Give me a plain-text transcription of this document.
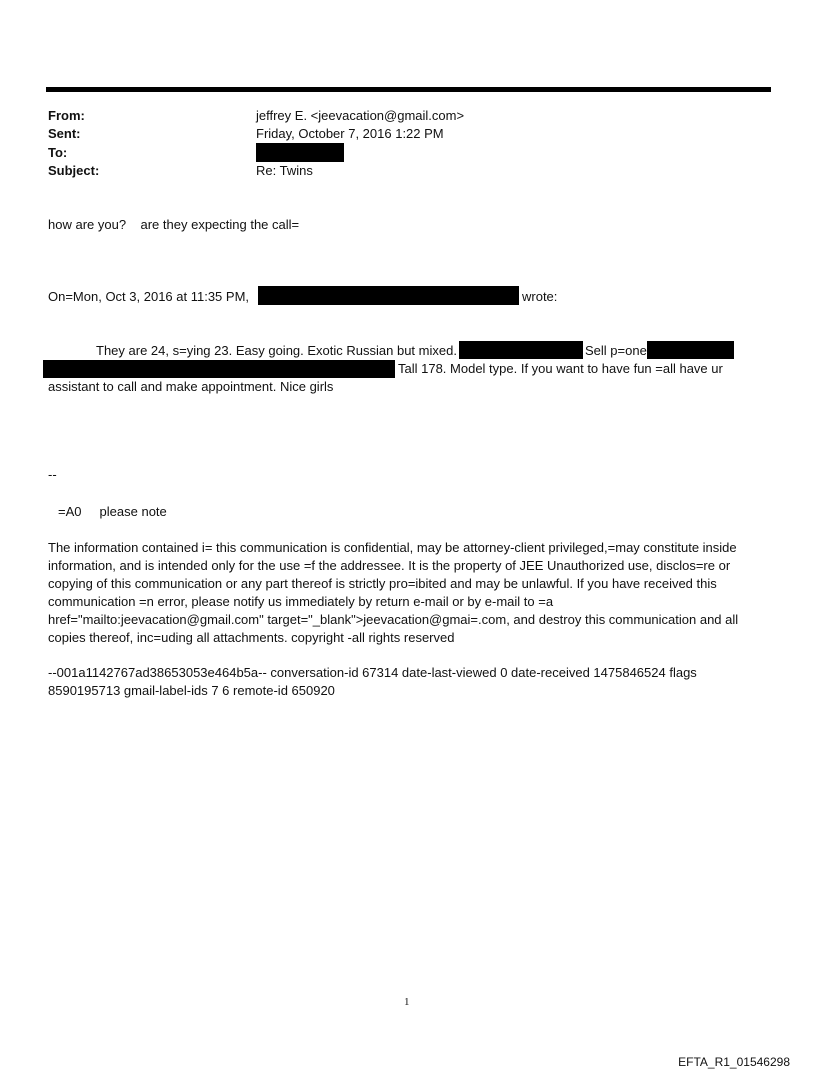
From:	jeffrey E. <jeevacation@gmail.com>
Sent:	Friday, October 7, 2016 1:22 PM
To:
Subject:	Re: Twins
how are you?    are they expecting the call=
On=Mon, Oct 3, 2016 at 11:35 PM,	wrote:
They are 24, s=ying 23. Easy going. Exotic Russian but mixed.	Sell p=one
Tall 178. Model type. If you want to have fun =all have ur
assistant to call and make appointment. Nice girls
--
=A0     please note
The information contained i= this communication is confidential, may be attorney-client privileged,=may constitute inside information, and is intended only for the use =f the addressee. It is the property of JEE Unauthorized use, disclos=re or copying of this communication or any part thereof is strictly pro=ibited and may be unlawful. If you have received this communication =n error, please notify us immediately by return e-mail or by e-mail to =a href="mailto:jeevacation@gmail.com" target="_blank">jeevacation@gmai=.com, and destroy this communication and all copies thereof, inc=uding all attachments. copyright -all rights reserved
--001a1142767ad38653053e464b5a-- conversation-id 67314 date-last-viewed 0 date-received 1475846524 flags 8590195713 gmail-label-ids 7 6 remote-id 650920
1
EFTA_R1_01546298
